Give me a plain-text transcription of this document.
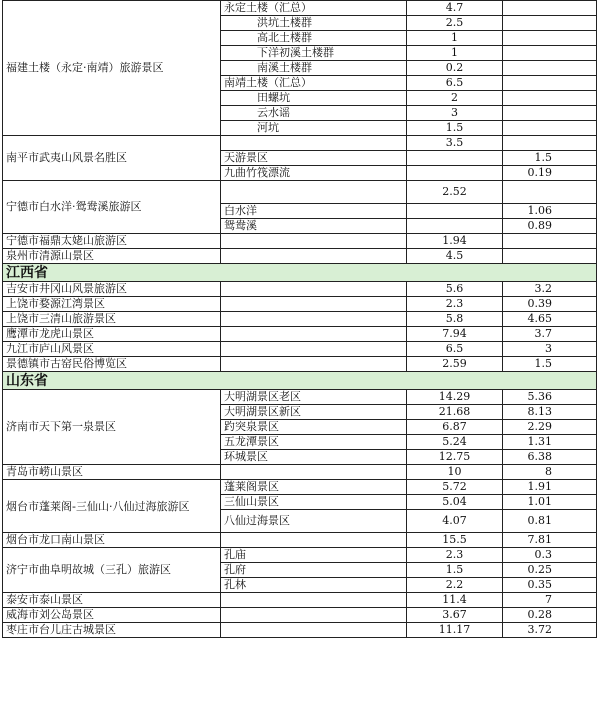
福建土楼（永定·南靖）旅游景区	永定土楼（汇总）	4.7	
	洪坑土楼群	2.5	
	高北土楼群	1	
	下洋初溪土楼群	1	
	南溪土楼群	0.2	
	南靖土楼（汇总）	6.5	
	田螺坑	2	
	云水谣	3	
	河坑	1.5	
南平市武夷山风景名胜区		3.5	
	天游景区		1.5
	九曲竹筏漂流		0.19
宁德市白水洋·鸳鸯溪旅游区		2.52	
	白水洋		1.06
	鸳鸯溪		0.89
宁德市福鼎太姥山旅游区		1.94	
泉州市清源山景区		4.5	
江西省			
吉安市井冈山风景旅游区		5.6	3.2
上饶市婺源江湾景区		2.3	0.39
上饶市三清山旅游景区		5.8	4.65
鹰潭市龙虎山景区		7.94	3.7
九江市庐山风景区		6.5	3
景德镇市古窑民俗博览区		2.59	1.5
山东省			
济南市天下第一泉景区	大明湖景区老区	14.29	5.36
	大明湖景区新区	21.68	8.13
	趵突泉景区	6.87	2.29
	五龙潭景区	5.24	1.31
	环城景区	12.75	6.38
青岛市崂山景区		10	8
烟台市蓬莱阁-三仙山·八仙过海旅游区	蓬莱阁景区	5.72	1.91
	三仙山景区	5.04	1.01
	八仙过海景区	4.07	0.81
烟台市龙口南山景区		15.5	7.81
济宁市曲阜明故城（三孔）旅游区	孔庙	2.3	0.3
	孔府	1.5	0.25
	孔林	2.2	0.35
泰安市泰山景区		11.4	7
威海市刘公岛景区		3.67	0.28
枣庄市台儿庄古城景区		11.17	3.72
